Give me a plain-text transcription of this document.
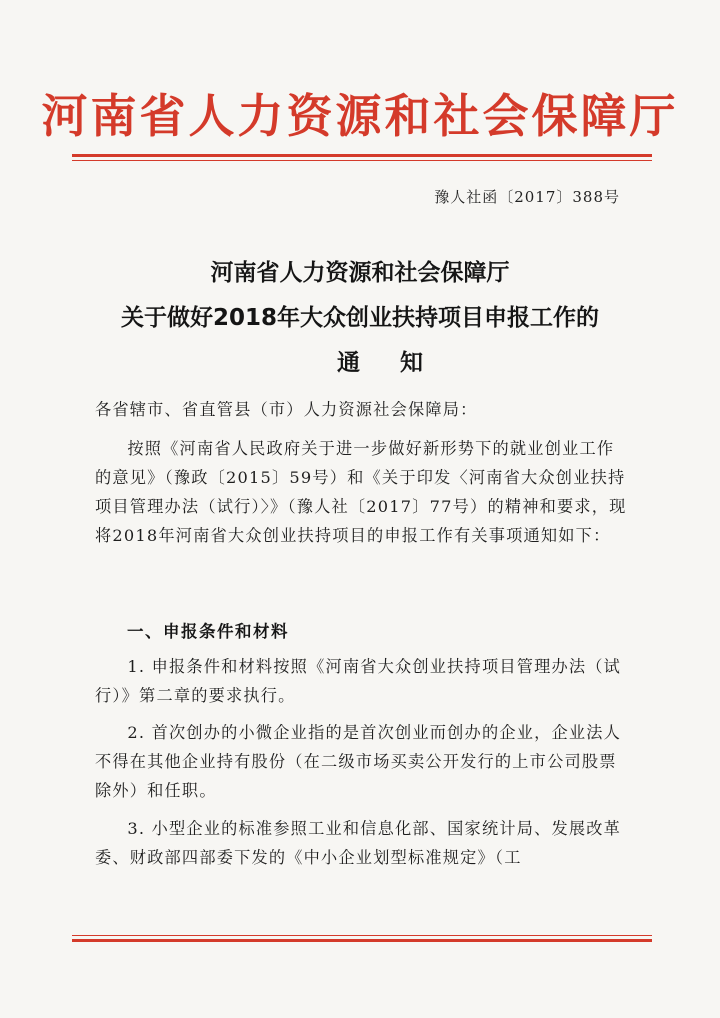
河南省人力资源和社会保障厅
豫人社函〔2017〕388号
河南省人力资源和社会保障厅
关于做好2018年大众创业扶持项目申报工作的
通知
各省辖市、省直管县（市）人力资源社会保障局：
按照《河南省人民政府关于进一步做好新形势下的就业创业工作的意见》（豫政〔2015〕59号）和《关于印发〈河南省大众创业扶持项目管理办法（试行）〉》（豫人社〔2017〕77号）的精神和要求，现将2018年河南省大众创业扶持项目的申报工作有关事项通知如下：
一、申报条件和材料
1. 申报条件和材料按照《河南省大众创业扶持项目管理办法（试行）》第二章的要求执行。
2. 首次创办的小微企业指的是首次创业而创办的企业，企业法人不得在其他企业持有股份（在二级市场买卖公开发行的上市公司股票除外）和任职。
3. 小型企业的标准参照工业和信息化部、国家统计局、发展改革委、财政部四部委下发的《中小企业划型标准规定》（工
